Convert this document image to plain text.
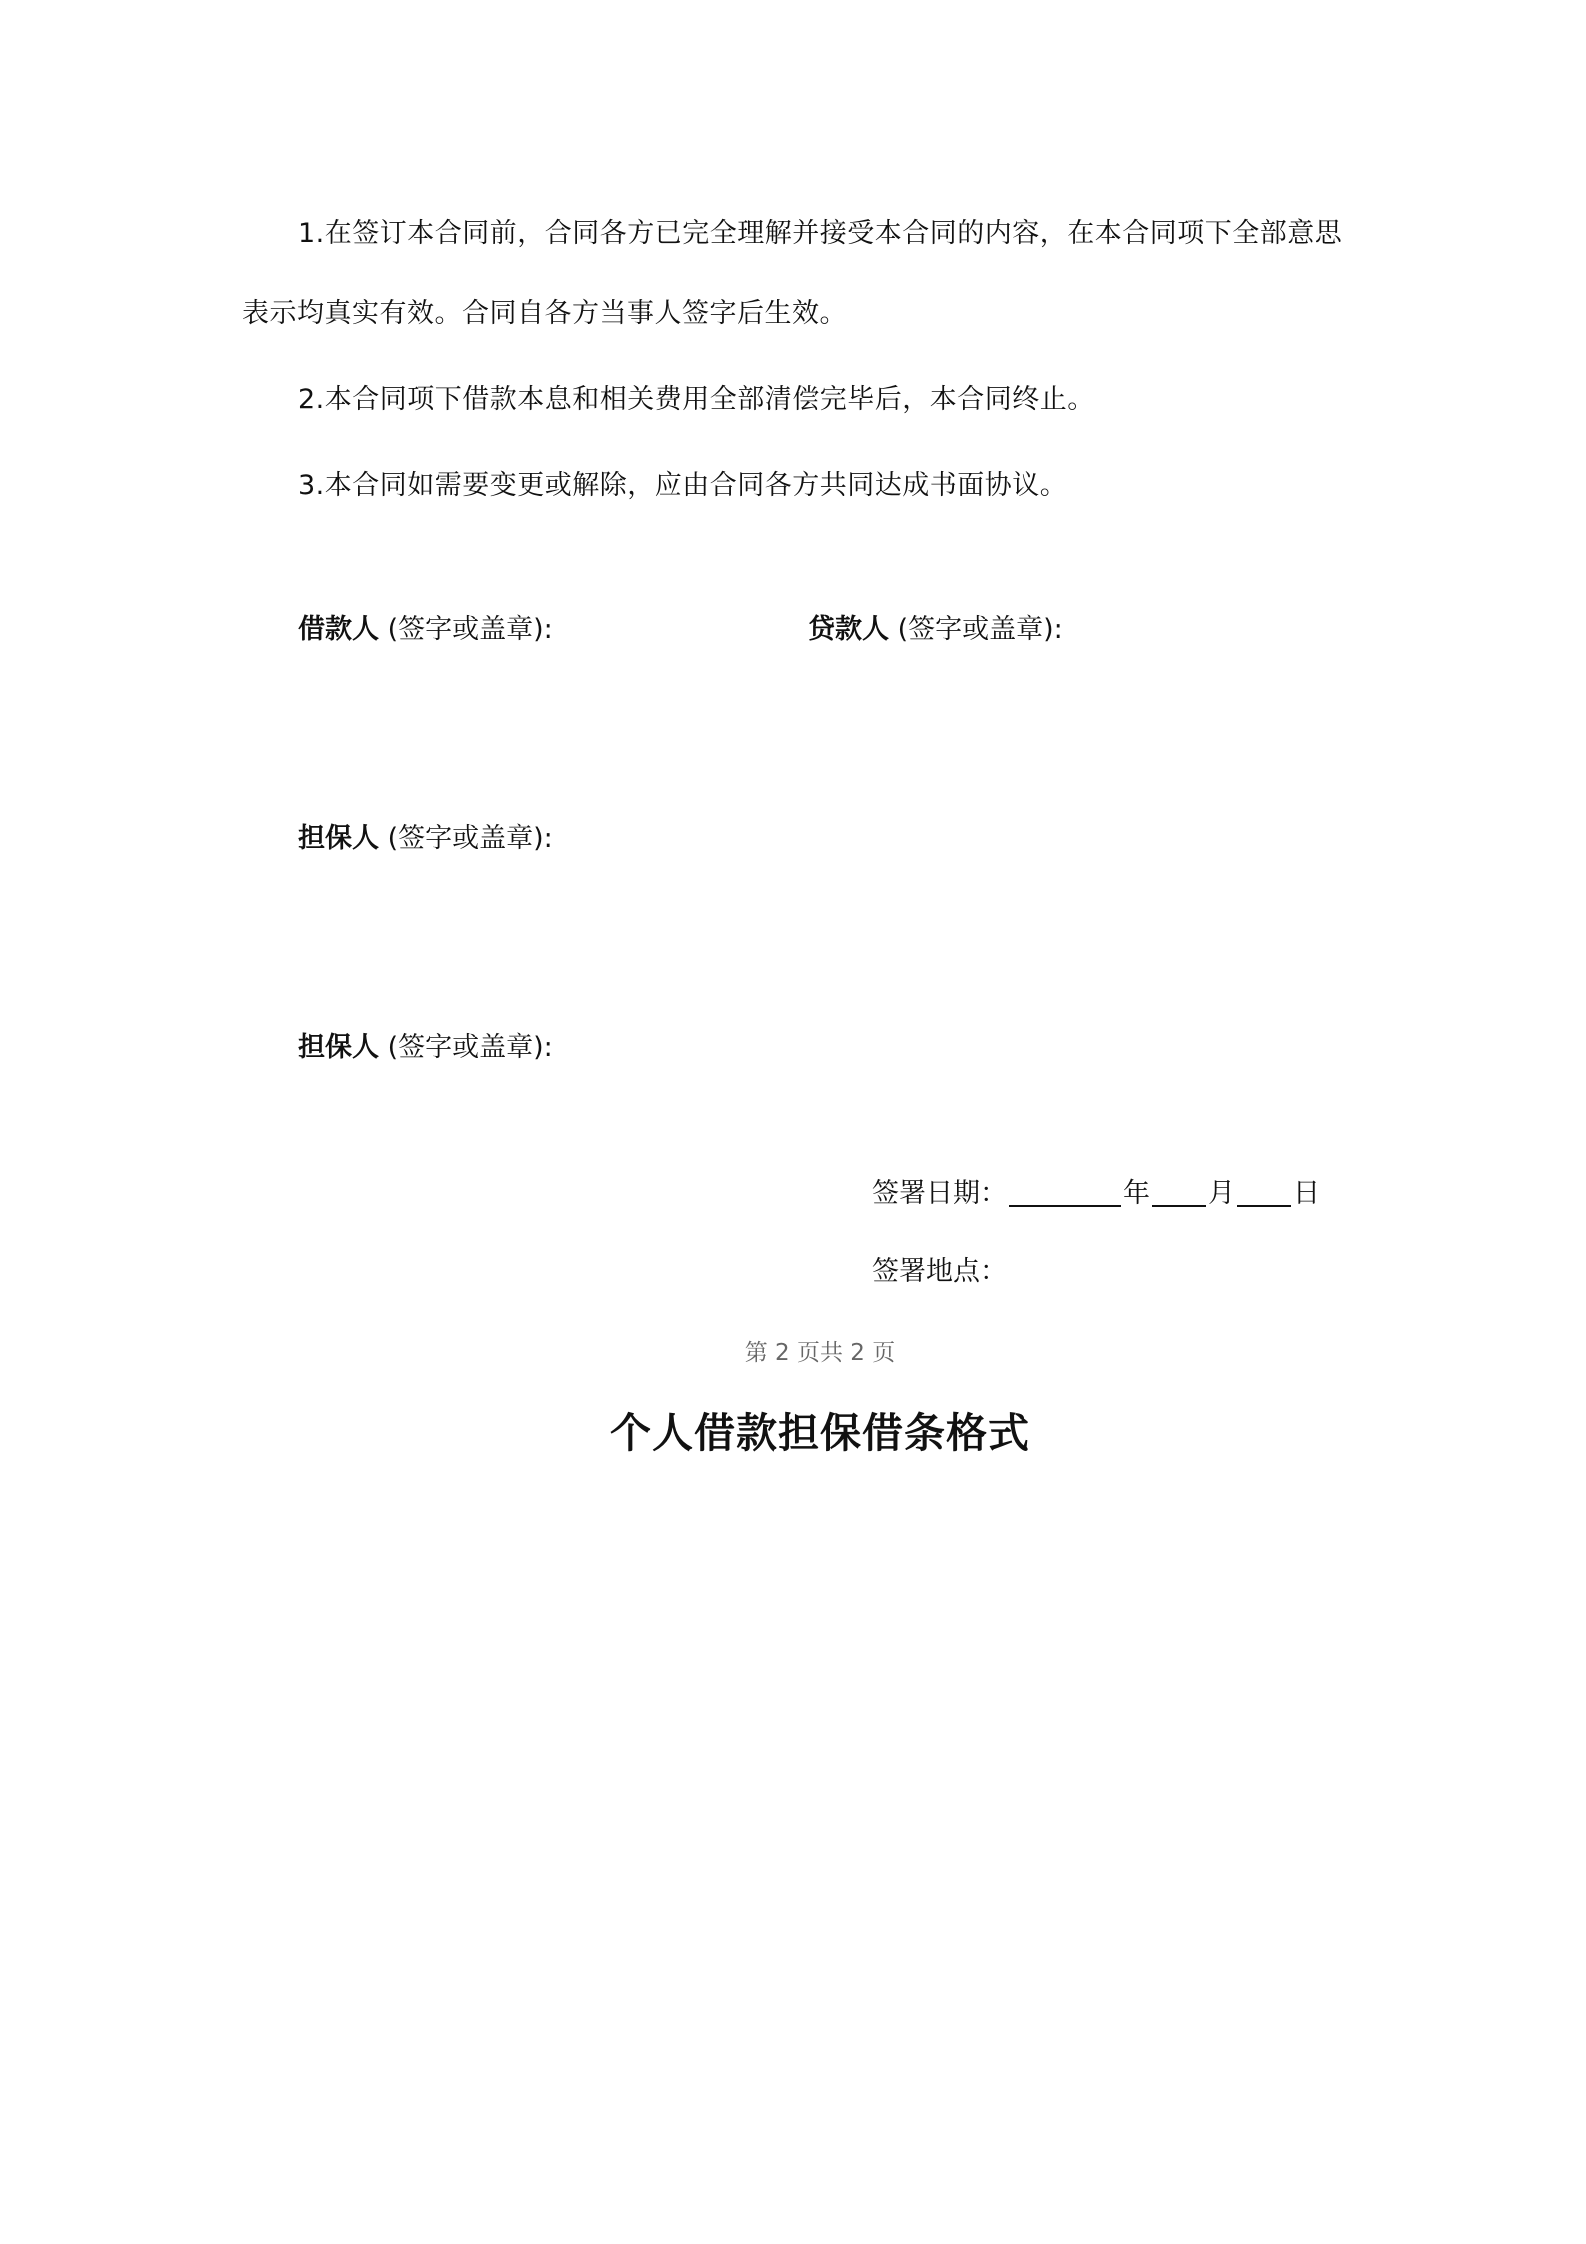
1.在签订本合同前，合同各方已完全理解并接受本合同的内容，在本合同项下全部意思
表示均真实有效。合同自各方当事人签字后生效。
2.本合同项下借款本息和相关费用全部清偿完毕后，本合同终止。
3.本合同如需要变更或解除，应由合同各方共同达成书面协议。
借款人 (签字或盖章):	贷款人 (签字或盖章):
担保人 (签字或盖章):
担保人 (签字或盖章):
签署日期：	年 月 日
签署地点：
第 2 页共 2 页
个人借款担保借条格式
